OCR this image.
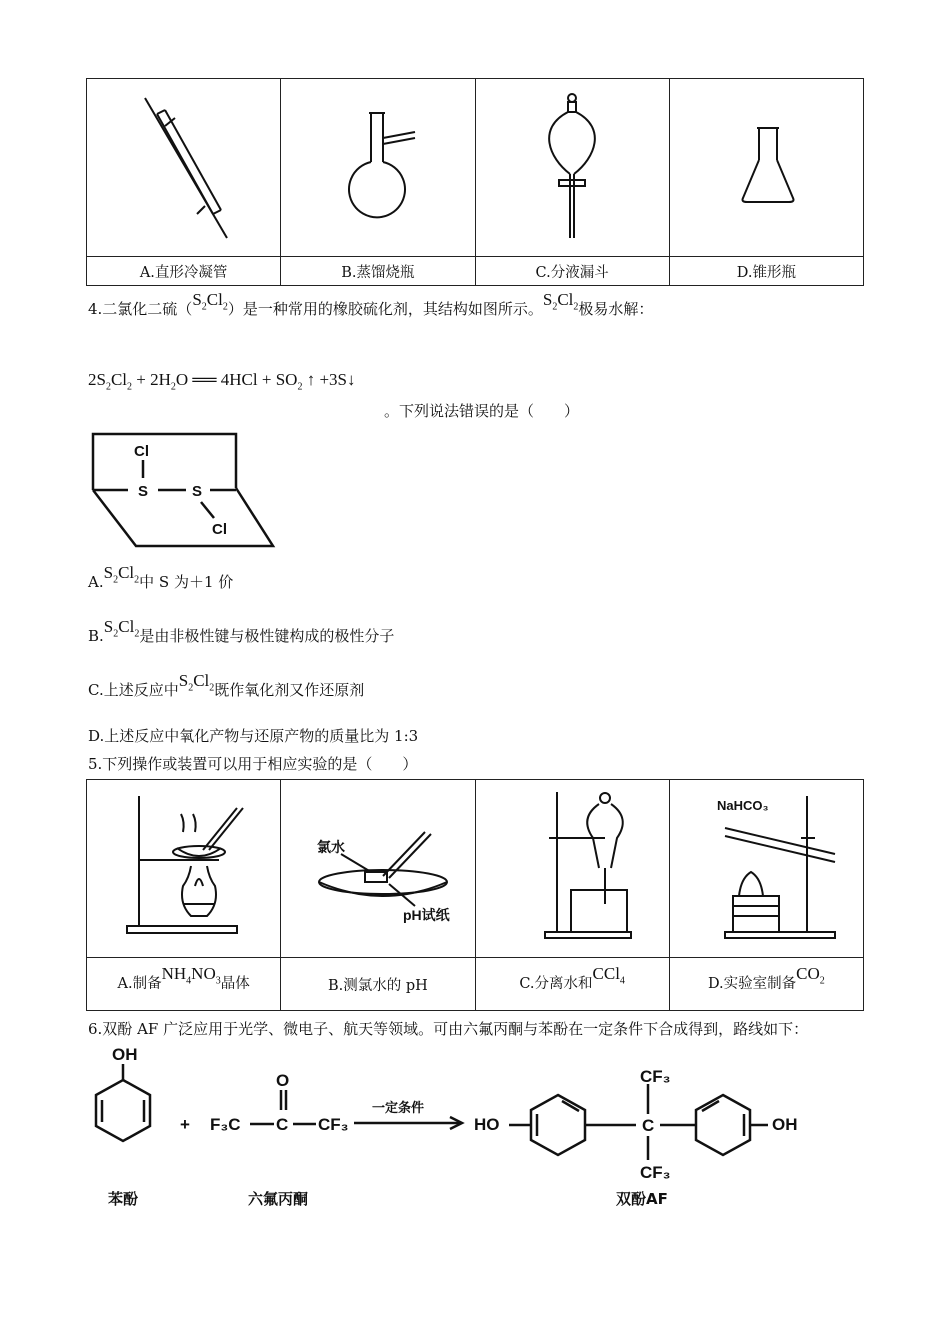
A.直形冷凝管	B.蒸馏烧瓶	C.分液漏斗	D.锥形瓶
4.二氯化二硫$(S_2Cl_2)$是一种常用的橡胶硫化剂，其结构如图所示。$S_2Cl_2$极易水解：
$2S_2Cl_2 + 2H_2O$ ══ $4HCl + SO_2$ ↑ +3S↓
。下列说法错误的是（　　）
Cl
S	S
Cl
$A.S_2Cl_2$中 S 为＋1 价
$B.S_2Cl_2$是由非极性键与极性键构成的极性分子
C.上述反应中$S_2Cl_2$既作氧化剂又作还原剂
D.上述反应中氧化产物与还原产物的质量比为 1:3
5.下列操作或装置可以用于相应实验的是（　　）

氯水
pH试纸		NaHCO₃

A.制备$NH_4NO_3$晶体	B.测氯水的 pH	C.分离水和CCl$_4$	D.实验室制备$CO_2$
6.双酚 AF 广泛应用于光学、微电子、航天等领域。可由六氟丙酮与苯酚在一定条件下合成得到，路线如下：
OH
+
O
F₃C C CF₃	HO
CF₃
C
CF₃
OH
一定条件
苯酚	六氟丙酮	双酚AF
